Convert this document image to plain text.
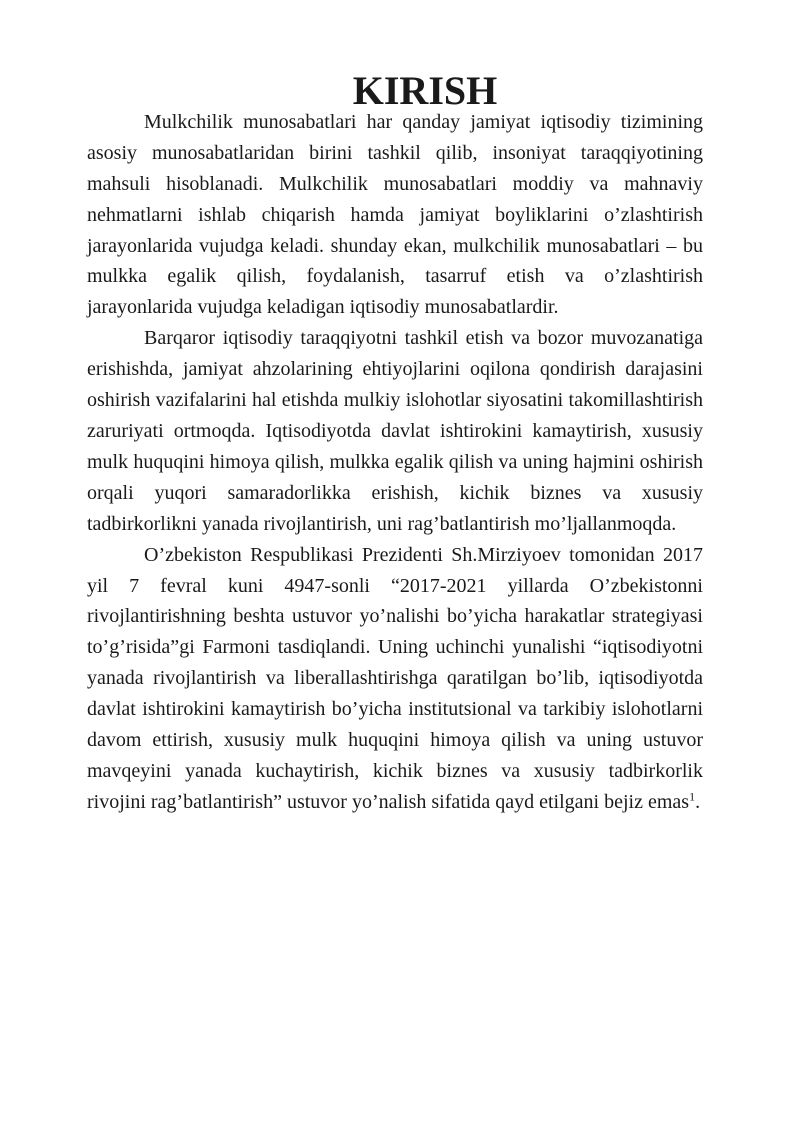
KIRISH

Mulkchilik munosabatlari har qanday jamiyat iqtisodiy tizimining asosiy munosabatlaridan birini tashkil qilib, insoniyat taraqqiyotining mahsuli hisoblanadi. Mulkchilik munosabatlari moddiy va mahnaviy nehmatlarni ishlab chiqarish hamda jamiyat boyliklarini o’zlashtirish jarayonlarida vujudga keladi. shunday ekan, mulkchilik munosabatlari – bu mulkka egalik qilish, foydalanish, tasarruf etish va o’zlashtirish jarayonlarida vujudga keladigan iqtisodiy munosabatlardir.

Barqaror iqtisodiy taraqqiyotni tashkil etish va bozor muvozanatiga erishishda, jamiyat ahzolarining ehtiyojlarini oqilona qondirish darajasini oshirish vazifalarini hal etishda mulkiy islohotlar siyosatini takomillashtirish zaruriyati ortmoqda. Iqtisodiyotda davlat ishtirokini kamaytirish, xususiy mulk huquqini himoya qilish, mulkka egalik qilish va uning hajmini oshirish orqali yuqori samaradorlikka erishish, kichik biznes va xususiy tadbirkorlikni yanada rivojlantirish, uni rag’batlantirish mo’ljallanmoqda.

O’zbekiston Respublikasi Prezidenti Sh.Mirziyoev tomonidan 2017 yil 7 fevral kuni 4947-sonli “2017-2021 yillarda O’zbekistonni rivojlantirishning beshta ustuvor yo’nalishi bo’yicha harakatlar strategiyasi to’g’risida”gi Farmoni tasdiqlandi. Uning uchinchi yunalishi “iqtisodiyotni yanada rivojlantirish va liberallashtirishga qaratilgan bo’lib, iqtisodiyotda davlat ishtirokini kamaytirish bo’yicha institutsional va tarkibiy islohotlarni davom ettirish, xususiy mulk huquqini himoya qilish va uning ustuvor mavqeyini yanada kuchaytirish, kichik biznes va xususiy tadbirkorlik rivojini rag’batlantirish” ustuvor yo’nalish sifatida qayd etilgani bejiz emas$^1$.
